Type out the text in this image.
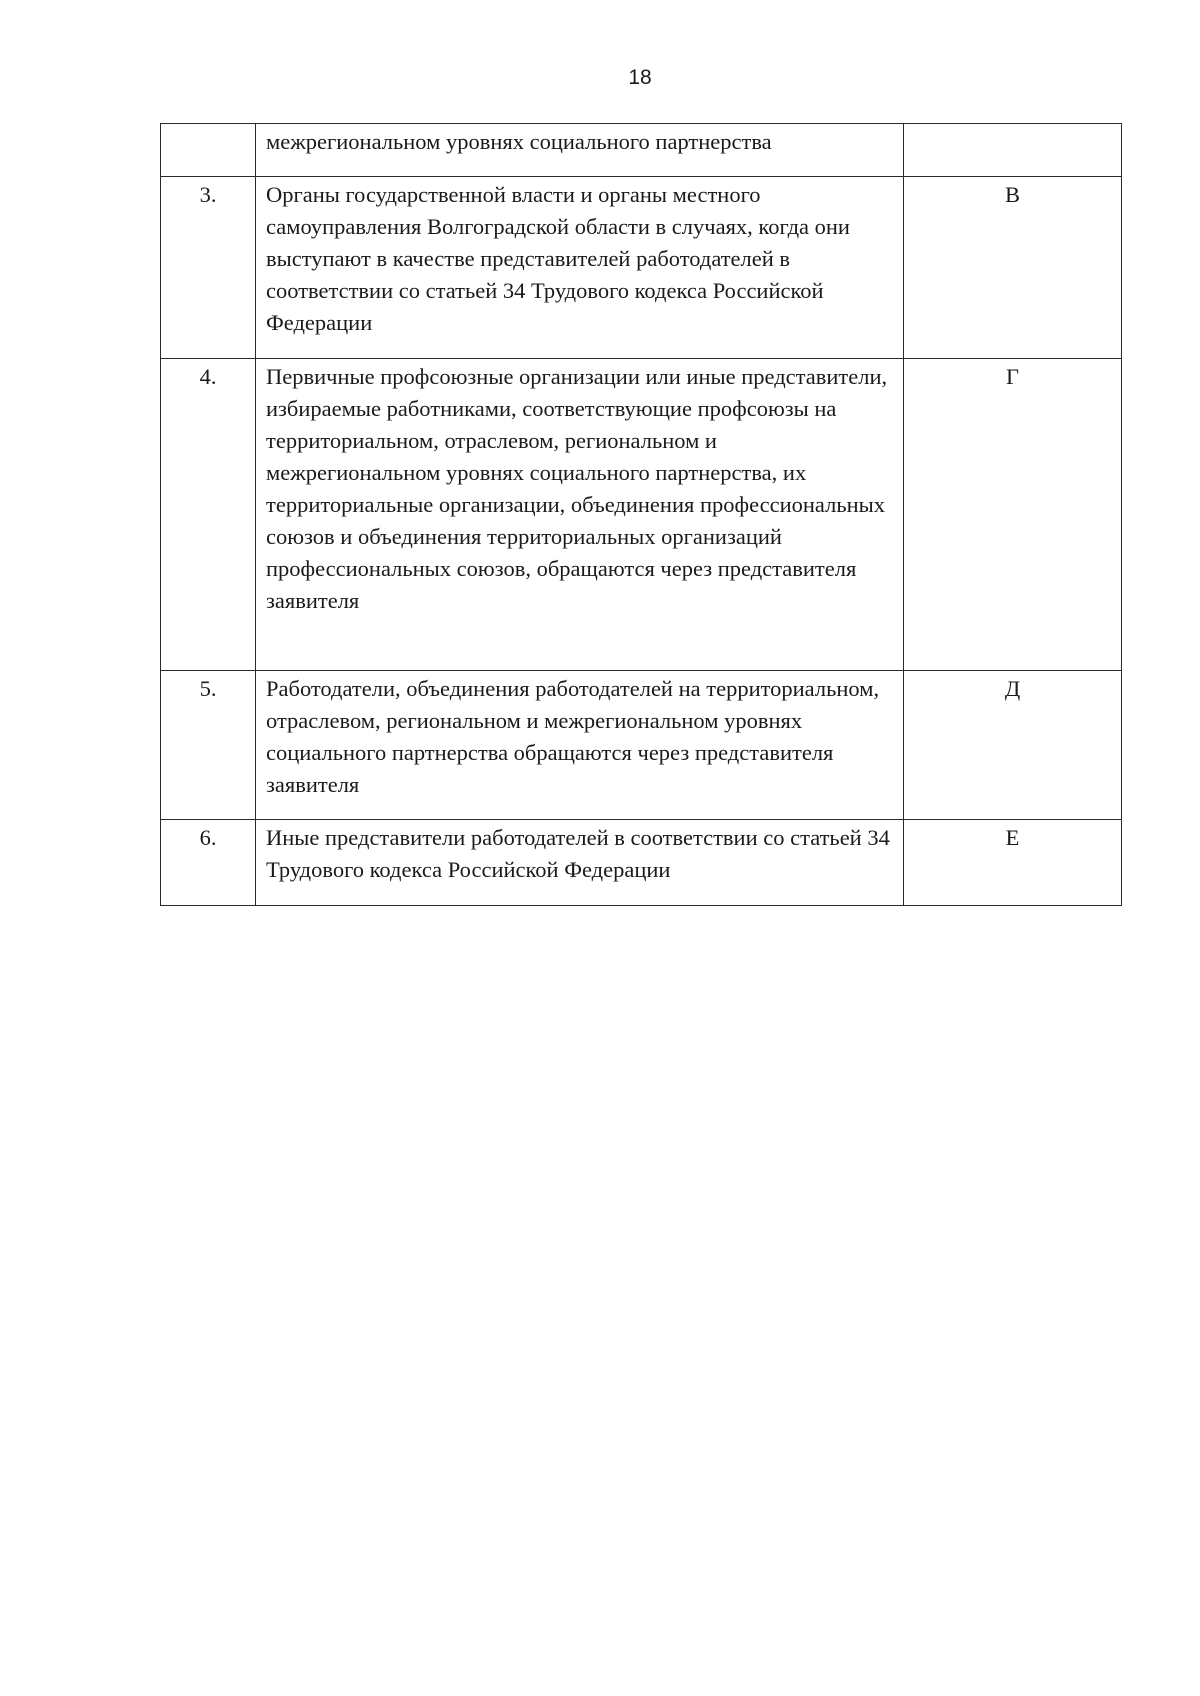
18
	межрегиональном уровнях социального партнерства	
3.	Органы государственной власти и органы местного самоуправления Волгоградской области в случаях, когда они выступают в качестве представителей работодателей в соответствии со статьей 34 Трудового кодекса Российской Федерации	В
4.	Первичные профсоюзные организации или иные представители, избираемые работниками, соответствующие профсоюзы на территориальном, отраслевом, региональном и межрегиональном уровнях социального партнерства, их территориальные организации, объединения профессиональных союзов и объединения территориальных организаций профессиональных союзов, обращаются через представителя заявителя	Г
5.	Работодатели, объединения работодателей на территориальном, отраслевом, региональном и межрегиональном уровнях социального партнерства обращаются через представителя заявителя	Д
6.	Иные представители работодателей в соответствии со статьей 34 Трудового кодекса Российской Федерации	Е
